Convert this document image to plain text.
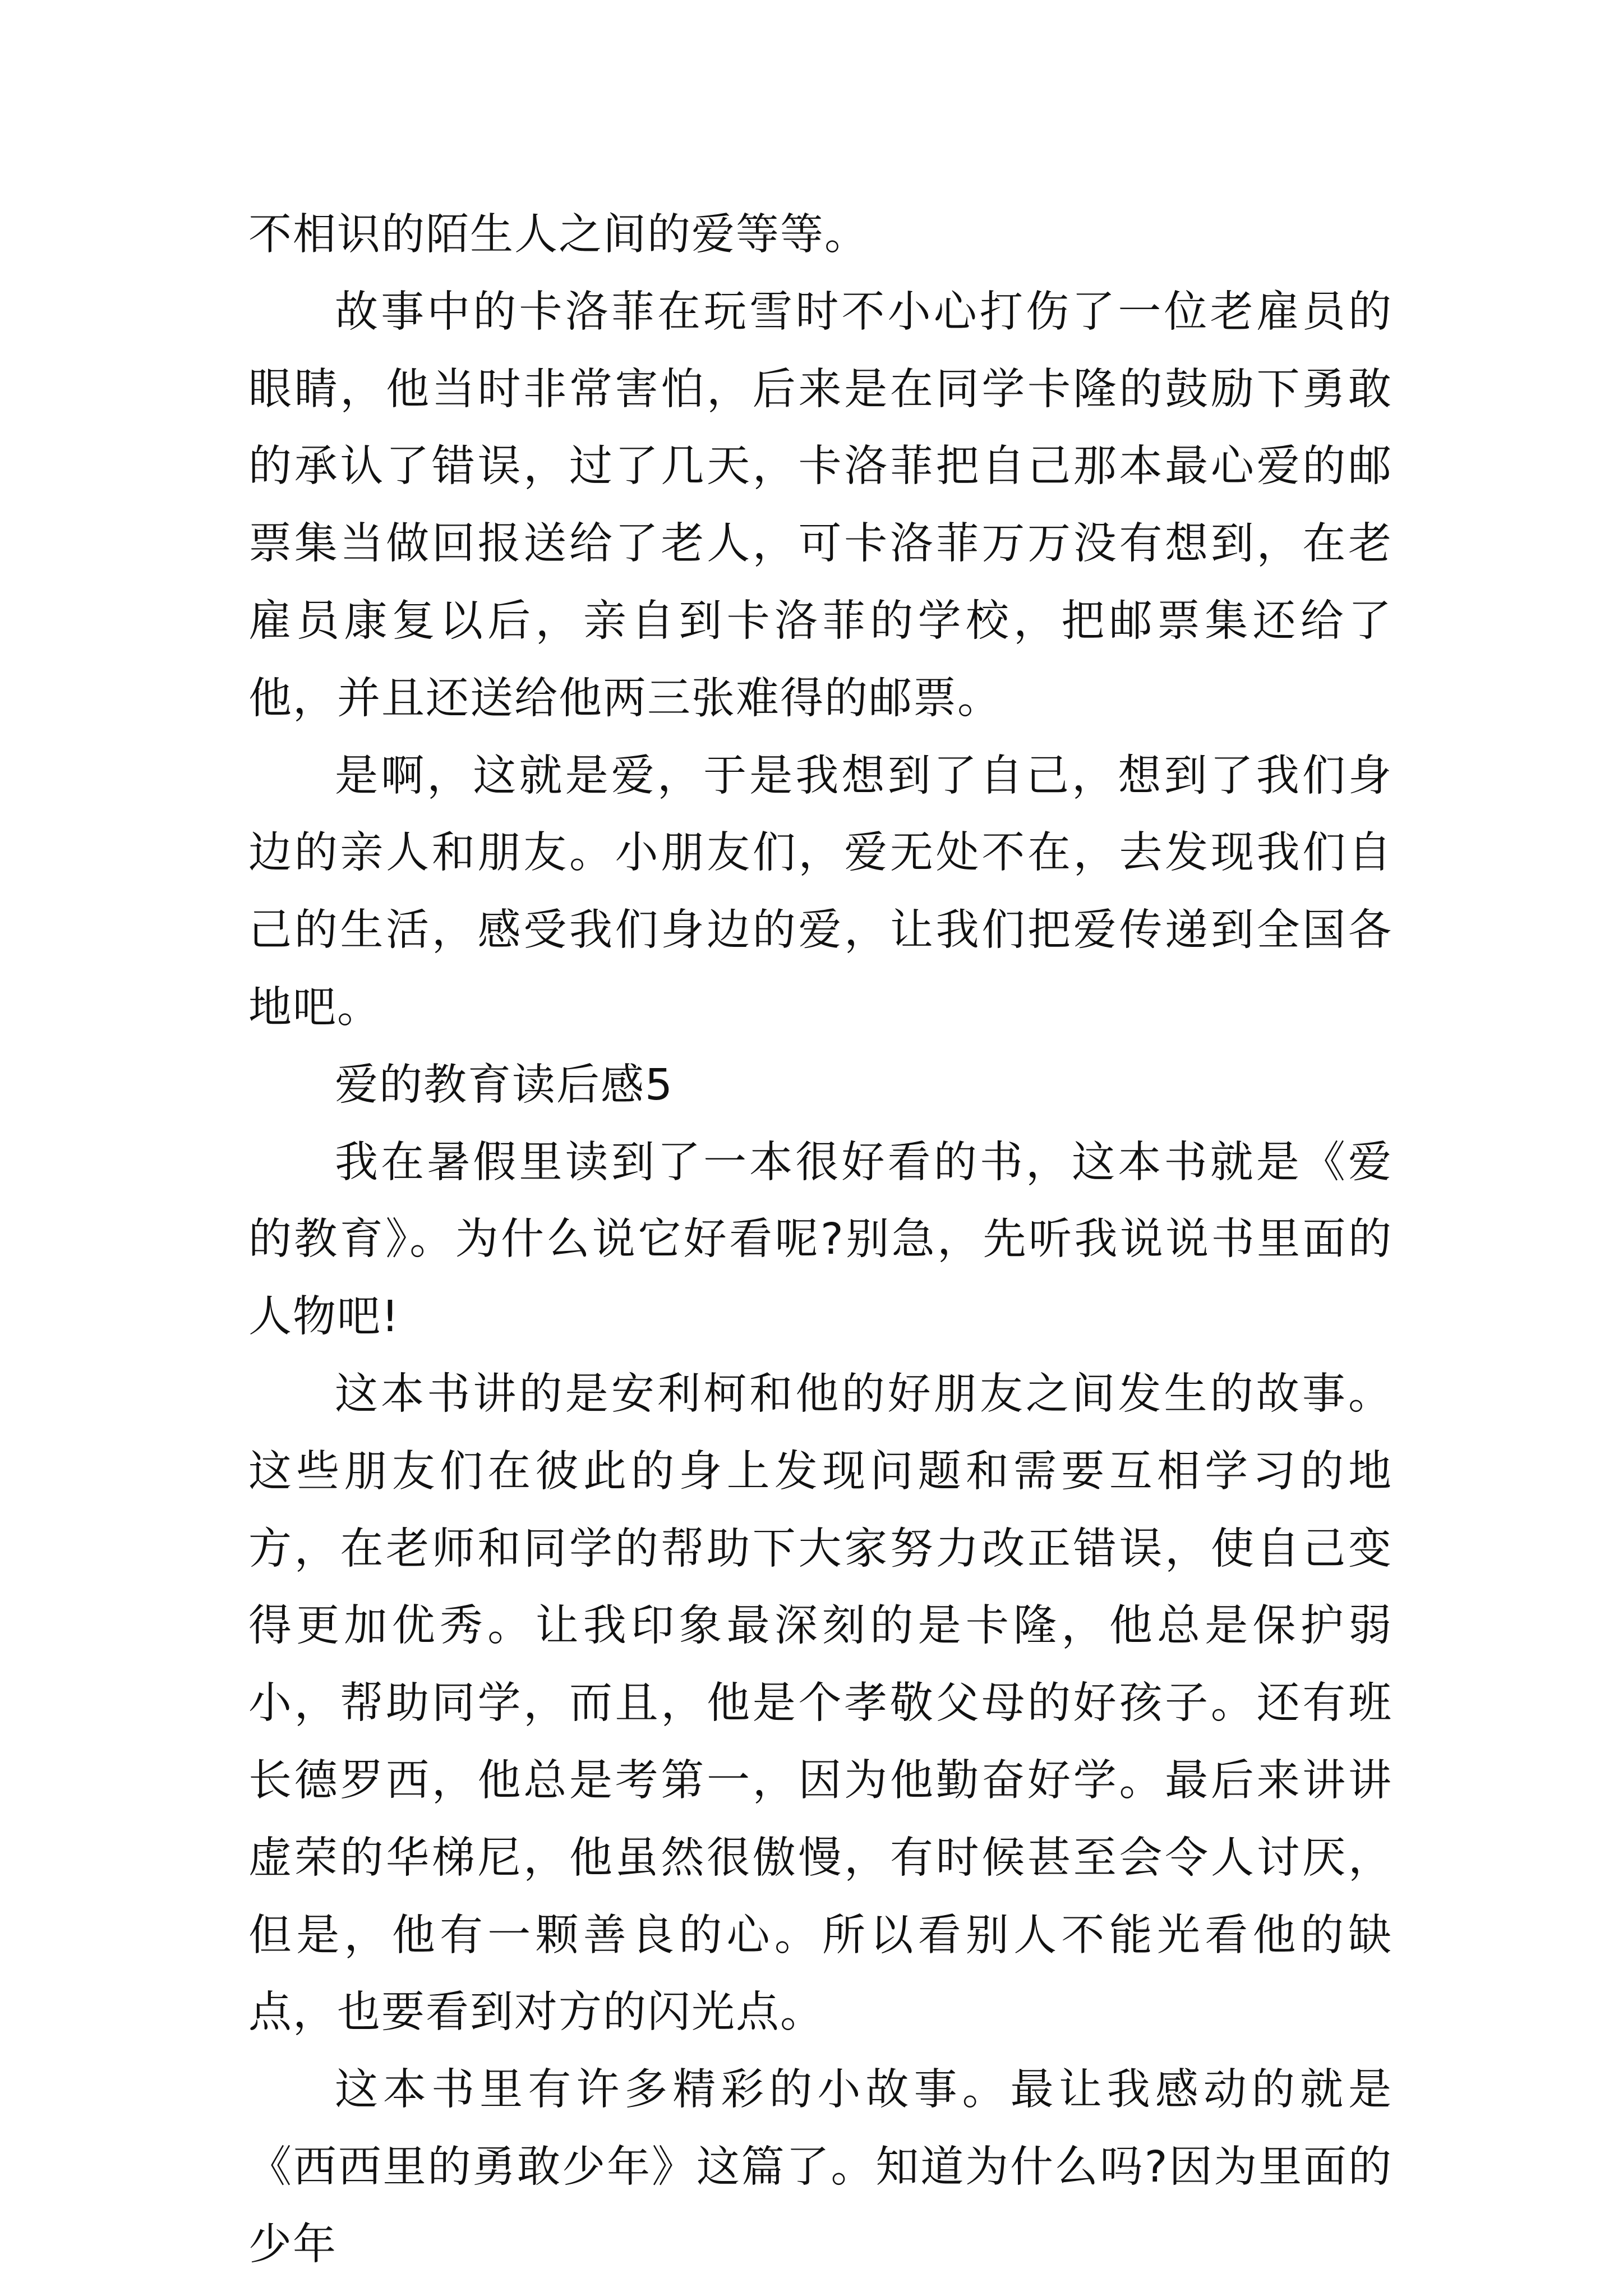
不相识的陌生人之间的爱等等。

故事中的卡洛菲在玩雪时不小心打伤了一位老雇员的眼睛，他当时非常害怕，后来是在同学卡隆的鼓励下勇敢的承认了错误，过了几天，卡洛菲把自己那本最心爱的邮票集当做回报送给了老人，可卡洛菲万万没有想到，在老雇员康复以后，亲自到卡洛菲的学校，把邮票集还给了他，并且还送给他两三张难得的邮票。

是啊，这就是爱，于是我想到了自己，想到了我们身边的亲人和朋友。小朋友们，爱无处不在，去发现我们自己的生活，感受我们身边的爱，让我们把爱传递到全国各地吧。

爱的教育读后感5

我在暑假里读到了一本很好看的书，这本书就是《爱的教育》。为什么说它好看呢?别急，先听我说说书里面的人物吧!

这本书讲的是安利柯和他的好朋友之间发生的故事。这些朋友们在彼此的身上发现问题和需要互相学习的地方，在老师和同学的帮助下大家努力改正错误，使自己变得更加优秀。让我印象最深刻的是卡隆，他总是保护弱小，帮助同学，而且，他是个孝敬父母的好孩子。还有班长德罗西，他总是考第一，因为他勤奋好学。最后来讲讲虚荣的华梯尼，他虽然很傲慢，有时候甚至会令人讨厌，但是，他有一颗善良的心。所以看别人不能光看他的缺点，也要看到对方的闪光点。

这本书里有许多精彩的小故事。最让我感动的就是《西西里的勇敢少年》这篇了。知道为什么吗?因为里面的少年
